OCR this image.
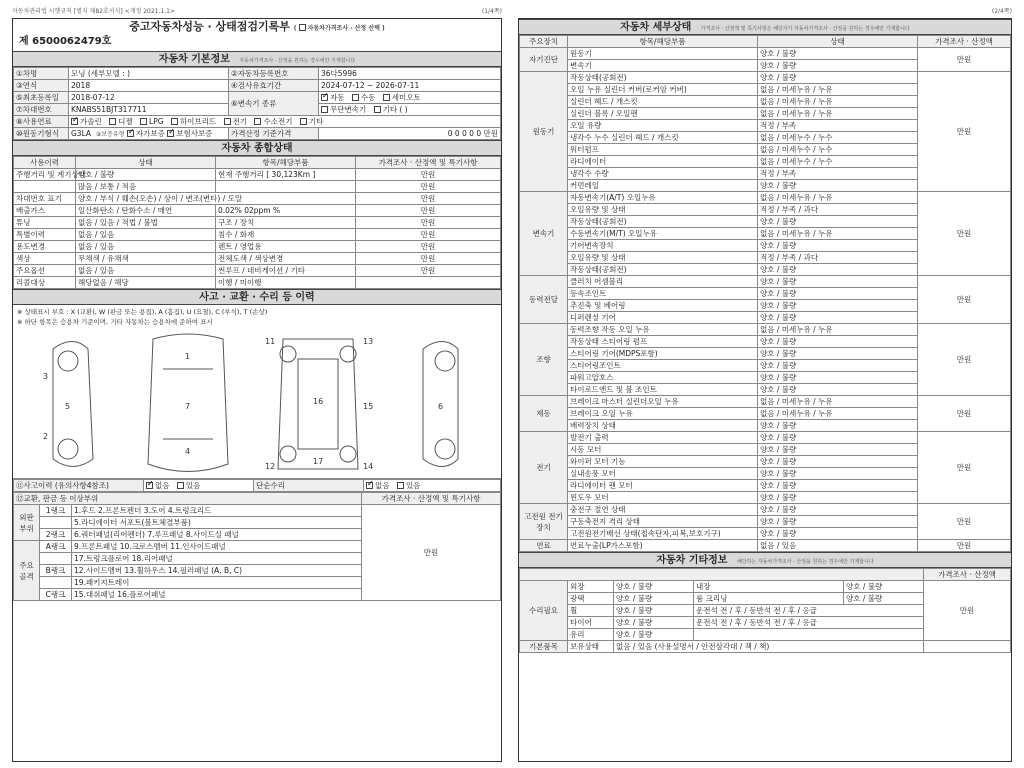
자동차관리법 시행규칙 [별지 제82호서식] <개정 2021.1.1>	(1/4쪽)
중고자동차성능 · 상태점검기록부 ( 자동차가격조사 · 산정 선택 )
제 6500062479호
자동차 기본정보 자동차가격조사 · 산정을 원하는 경우에만 기재합니다
①차명	모닝 (세부모델 : )	②자동차등록번호	36다5996
③연식	2018	④검사유효기간	2024-07-12 ~ 2026-07-11
⑤최초등록일	2018-07-12	⑥변속기 종류	✓자동 수동 세미오토
⑦차대번호	KNABS51BJT317711		무단변속기 기타 ( )
⑧사용연료	✓가솔린 디젤 LPG 하이브리드 전기 수소전기 기타
⑩원동기형식	G3LA ⑨보증유형 ✓ 자가보증 ✓ 보험사보증	가격산정 기준가격	0 0 0 0 0 만원
자동차 종합상태
사용이력	상태	항목/해당부품	가격조사 · 산정액 및 특기사항
주행거리 및 계기상태	양호 / 불량	현재 주행거리 [ 30,123Km ]	만원
	많음 / 보통 / 적음		만원
차대번호 표기	양호 / 부식 / 훼손(오손) / 상이 / 변조(변타) / 도말		만원
배출가스	일산화탄소 / 탄화수소 / 매연	0.02% 02ppm %	만원
튜닝	없음 / 있음 / 적법 / 불법	구조 / 장치	만원
특별이력	없음 / 있음	침수 / 화재	만원
용도변경	없음 / 있음	렌트 / 영업용	만원
색상	무채색 / 유채색	전체도색 / 색상변경	만원
주요옵션	없음 / 있음	썬루프 / 네비게이션 / 기타	만원
리콜대상	해당없음 / 해당	이행 / 미이행	
사고 · 교환 · 수리 등 이력
※ 상태표시 부호 : X (교환), W (판금 또는 용접), A (흠집), U (요철), C (부식), T (손상)
※ 하단 항목은 승용차 기준이며, 기타 자동차는 승용차에 준하여 표시
5
1
7
4
11
12
16
17
13
15
14
6
3
2
⑪사고이력 (유의사항4참조)	✓없음 있음	단순수리	✓없음 있음
⑫교환, 판금 등 이상부위			가격조사 · 산정액 및 특기사항
외판 부위	1랭크	1.후드 2.프론트펜더 3.도어 4.트렁크리드	만원
		5.라디에이터 서포트(볼트체결부품)	
	2랭크	6.쿼터패널(리어펜더) 7.루프패널 8.사이드실 패널	
주요 골격	A랭크	9.프론트패널 10.크로스멤버 11.인사이드패널	
		17.트렁크플로어 18.리어패널	
	B랭크	12.사이드멤버 13.휠하우스 14.필러패널 (A, B, C)	
		19.패키지트레이	
	C랭크	15.대쉬패널 16.플로어패널	
(2/4쪽)
자동차 세부상태 가격조사 · 산정액 및 특기사항은 해당자가 자동차가격조사 · 산정을 원하는 경우에만 기재합니다
주요장치	항목/해당부품	상태	가격조사 · 산정액
자기진단	원동기	양호 / 불량	만원
	변속기	양호 / 불량	
원동기	작동상태(공회전)	양호 / 불량	만원
	오일 누유 실린더 커버(로커암 커버)	없음 / 미세누유 / 누유	
	실린더 헤드 / 개스킷	없음 / 미세누유 / 누유	
	실린더 블록 / 오일팬	없음 / 미세누유 / 누유	
	오일 유량	적정 / 부족	
	냉각수 누수 실린더 헤드 / 개스킷	없음 / 미세누수 / 누수	
	워터펌프	없음 / 미세누수 / 누수	
	라디에이터	없음 / 미세누수 / 누수	
	냉각수 수량	적정 / 부족	
	커먼레일	양호 / 불량	
변속기	자동변속기(A/T) 오일누유	없음 / 미세누유 / 누유	만원
	오일유량 및 상태	적정 / 부족 / 과다	
	작동상태(공회전)	양호 / 불량	
	수동변속기(M/T) 오일누유	없음 / 미세누유 / 누유	
	기어변속장치	양호 / 불량	
	오일유량 및 상태	적정 / 부족 / 과다	
	작동상태(공회전)	양호 / 불량	
동력전달	클러치 어셈블리	양호 / 불량	만원
	등속조인트	양호 / 불량	
	추진축 및 베어링	양호 / 불량	
	디퍼렌셜 기어	양호 / 불량	
조향	동력조향 작동 오일 누유	없음 / 미세누유 / 누유	만원
	작동상태 스티어링 펌프	양호 / 불량	
	스티어링 기어(MDPS포함)	양호 / 불량	
	스티어링조인트	양호 / 불량	
	파워고압호스	양호 / 불량	
	타이로드엔드 및 볼 조인트	양호 / 불량	
제동	브레이크 마스터 실린더오일 누유	없음 / 미세누유 / 누유	만원
	브레이크 오일 누유	없음 / 미세누유 / 누유	
	배력장치 상태	양호 / 불량	
전기	발전기 출력	양호 / 불량	만원
	시동 모터	양호 / 불량	
	와이퍼 모터 기능	양호 / 불량	
	실내송풍 모터	양호 / 불량	
	라디에이터 팬 모터	양호 / 불량	
	윈도우 모터	양호 / 불량	
고전원 전기장치	충전구 절연 상태	양호 / 불량	만원
	구동축전지 격리 상태	양호 / 불량	
	고전원전기배선 상태(접속단자,피복,보호기구)	양호 / 불량	
연료	연료누출(LP가스포함)	없음 / 있음	만원
자동차 기타정보 해당하는 자동차가격조사 · 산정을 원하는 경우에만 기재합니다
					가격조사 · 산정액
수리필요	외장	양호 / 불량	내장	양호 / 불량	만원
	광택	양호 / 불량	룸 크리닝	양호 / 불량	
	휠	양호 / 불량	운전석 전 / 후 / 동반석 전 / 후 / 응급		
	타이어	양호 / 불량	운전석 전 / 후 / 동반석 전 / 후 / 응급		
	유리	양호 / 불량			
기본품목	보유상태	없음 / 있음 (사용설명서 / 안전삼각대 / 잭 / 책)			
